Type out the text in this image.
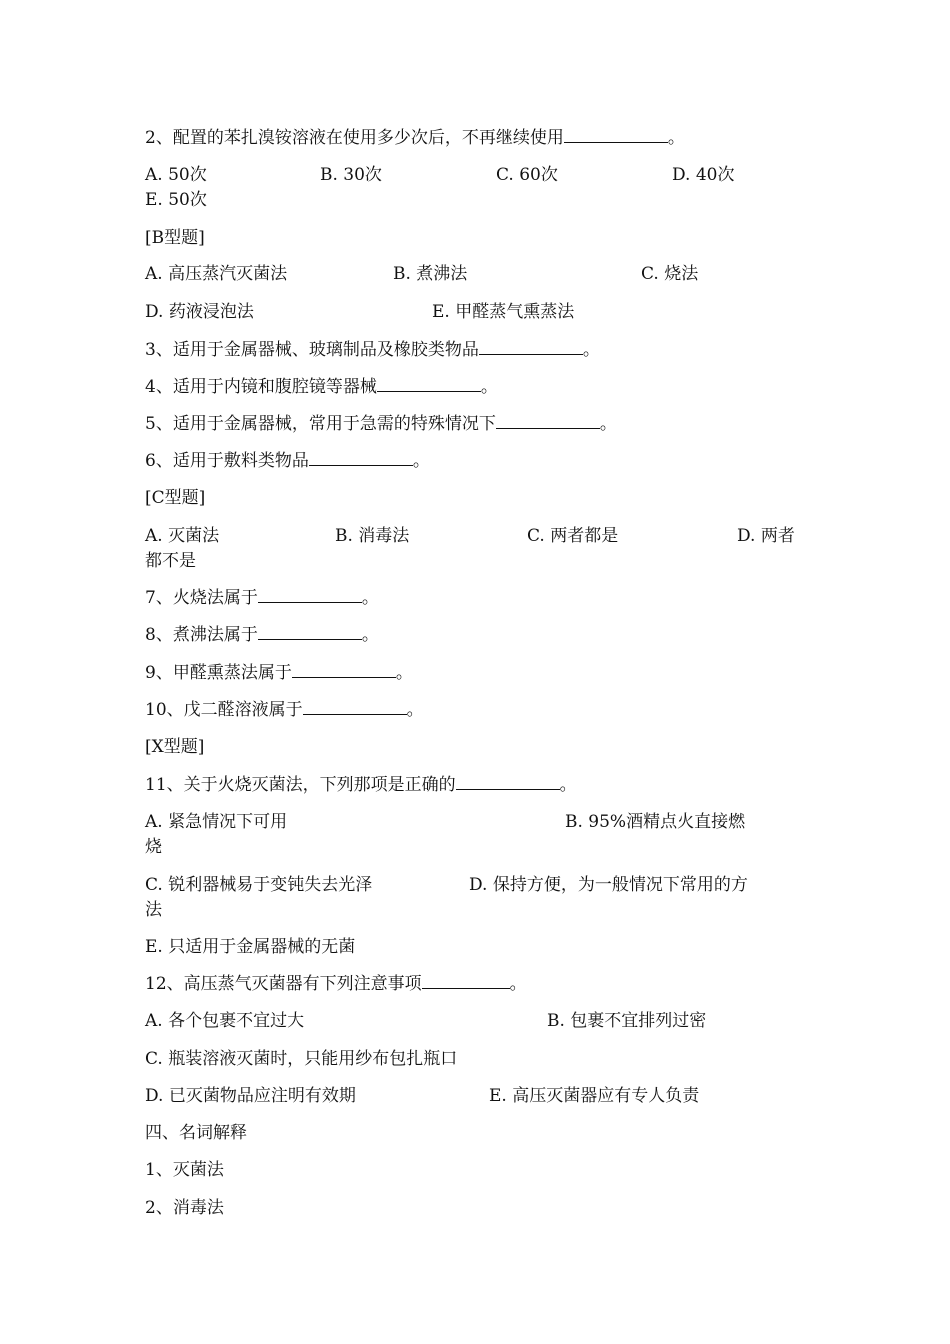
2、配置的苯扎溴铵溶液在使用多少次后，不再继续使用	。
A. 50次	B. 30次	C. 60次	D. 40次
E. 50次
[B型题]
A. 高压蒸汽灭菌法	B. 煮沸法	C. 烧法
D. 药液浸泡法	E. 甲醛蒸气熏蒸法
3、适用于金属器械、玻璃制品及橡胶类物品	。
4、适用于内镜和腹腔镜等器械	。
5、适用于金属器械，常用于急需的特殊情况下	。
6、适用于敷料类物品	。
[C型题]
A. 灭菌法	B. 消毒法	C. 两者都是	D. 两者
都不是
7、火烧法属于	。
8、煮沸法属于	。
9、甲醛熏蒸法属于	。
10、戊二醛溶液属于	。
[X型题]
11、关于火烧灭菌法，下列那项是正确的	。
A. 紧急情况下可用	B. 95%酒精点火直接燃
烧
C. 锐利器械易于变钝失去光泽	D. 保持方便，为一般情况下常用的方
法
E. 只适用于金属器械的无菌
12、高压蒸气灭菌器有下列注意事项	。
A. 各个包裹不宜过大	B. 包裹不宜排列过密
C. 瓶装溶液灭菌时，只能用纱布包扎瓶口
D. 已灭菌物品应注明有效期	E. 高压灭菌器应有专人负责
四、名词解释
1、灭菌法
2、消毒法
